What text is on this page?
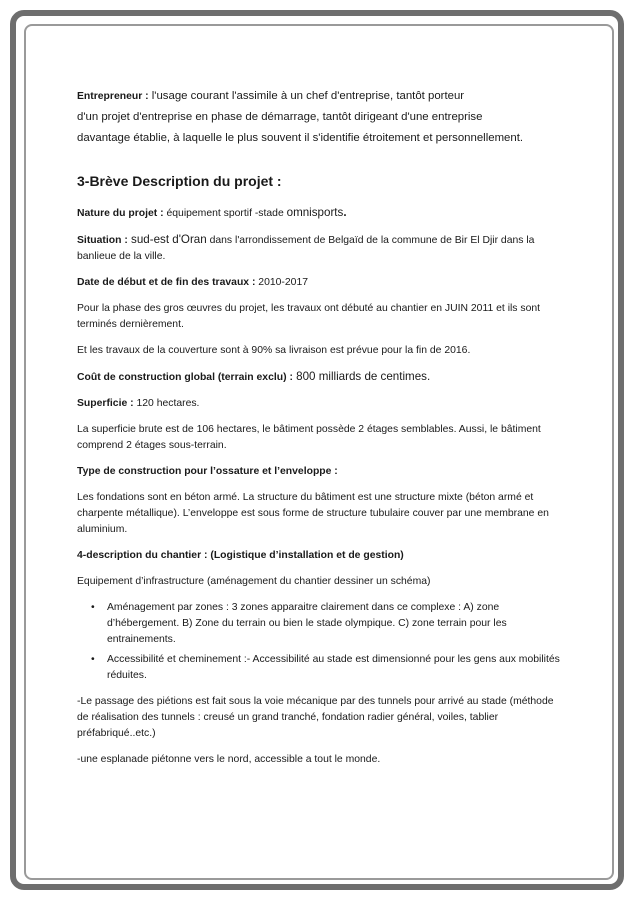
Entrepreneur : l'usage courant l'assimile à un chef d'entreprise, tantôt porteur
d'un projet d'entreprise en phase de démarrage, tantôt dirigeant d'une entreprise
davantage établie, à laquelle le plus souvent il s'identifie étroitement et personnellement.

3-Brève Description du projet :

Nature du projet : équipement sportif -stade omnisports.

Situation : sud-est d'Oran dans l'arrondissement de Belgaïd de la commune de Bir El Djir dans la banlieue de la ville.

Date de début et de fin des travaux : 2010-2017

Pour la phase des gros œuvres du projet, les travaux ont débuté au chantier en JUIN 2011 et ils sont terminés dernièrement.

Et les travaux de la couverture sont à 90% sa livraison est prévue pour la fin de 2016.

Coût de construction global (terrain exclu) : 800 milliards de centimes.

Superficie : 120 hectares.

La superficie brute est de 106 hectares, le bâtiment possède 2 étages semblables. Aussi, le bâtiment comprend 2 étages sous-terrain.

Type de construction pour l’ossature et l’enveloppe :

Les fondations sont en béton armé. La structure du bâtiment est une structure mixte (béton armé et charpente métallique). L’enveloppe est sous forme de structure tubulaire couver par une membrane en aluminium.

4-description du chantier : (Logistique d’installation et de gestion)

Equipement d’infrastructure (aménagement du chantier dessiner un schéma)

• Aménagement par zones : 3 zones apparaitre clairement dans ce complexe : A) zone d’hébergement. B) Zone du terrain ou bien le stade olympique. C) zone terrain pour les entrainements.
• Accessibilité et cheminement :- Accessibilité au stade est dimensionné pour les gens aux mobilités réduites.

-Le passage des piétions est fait sous la voie mécanique par des tunnels pour arrivé au stade (méthode de réalisation des tunnels : creusé un grand tranché, fondation radier général, voiles, tablier préfabriqué..etc.)

-une esplanade piétonne vers le nord, accessible a tout le monde.
